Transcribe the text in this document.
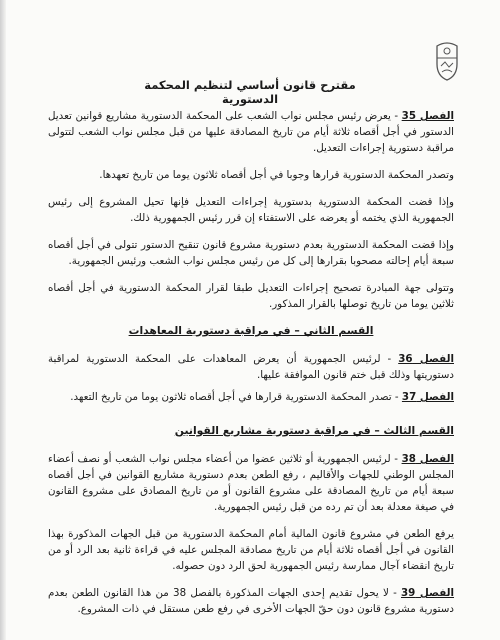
مقترح قانون أساسي لتنظيم المحكمة الدستورية

الفصل 35 - يعرض رئيس مجلس نواب الشعب على المحكمة الدستورية مشاريع قوانين تعديل الدستور في أجل أقصاه ثلاثة أيام من تاريخ المصادقة عليها من قبل مجلس نواب الشعب لتتولى مراقبة دستورية إجراءات التعديل.

وتصدر المحكمة الدستورية قرارها وجوبا في أجل أقصاه ثلاثون يوما من تاريخ تعهدها.

وإذا قضت المحكمة الدستورية بدستورية إجراءات التعديل فإنها تحيل المشروع إلى رئيس الجمهورية الذي يختمه أو يعرضه على الاستفتاء إن قرر رئيس الجمهورية ذلك.

وإذا قضت المحكمة الدستورية بعدم دستورية مشروع قانون تنقيح الدستور تتولى في أجل أقصاه سبعة أيام إحالته مصحوبا بقرارها إلى كل من رئيس مجلس نواب الشعب ورئيس الجمهورية.

وتتولى جهة المبادرة تصحيح إجراءات التعديل طبقا لقرار المحكمة الدستورية في أجل أقصاه ثلاثين يوما من تاريخ توصلها بالقرار المذكور.

القسم الثاني – في مراقبة دستورية المعاهدات

الفصل 36 - لرئيس الجمهورية أن يعرض المعاهدات على المحكمة الدستورية لمراقبة دستوريتها وذلك قبل ختم قانون الموافقة عليها.

الفصل 37 - تصدر المحكمة الدستورية قرارها في أجل أقصاه ثلاثون يوما من تاريخ التعهد.

القسم الثالث – في مراقبة دستورية مشاريع القوانين

الفصل 38 - لرئيس الجمهورية أو ثلاثين عضوا من أعضاء مجلس نواب الشعب أو نصف أعضاء المجلس الوطني للجهات والأقاليم ، رفع الطعن بعدم دستورية مشاريع القوانين في أجل أقصاه سبعة أيام من تاريخ المصادقة على مشروع القانون أو من تاريخ المصادق على مشروع القانون في صيغة معدلة بعد أن تم رده من قبل رئيس الجمهورية.

يرفع الطعن في مشروع قانون المالية أمام المحكمة الدستورية من قبل الجهات المذكورة بهذا القانون في أجل أقصاه ثلاثة أيام من تاريخ مصادقة المجلس عليه في قراءة ثانية بعد الرد أو من تاريخ انقضاء آجال ممارسة رئيس الجمهورية لحق الرد دون حصوله.

الفصل 39 - لا يحول تقديم إحدى الجهات المذكورة بالفصل 38 من هذا القانون الطعن بعدم دستورية مشروع قانون دون حقّ الجهات الأخرى في رفع طعن مستقل في ذات المشروع.
